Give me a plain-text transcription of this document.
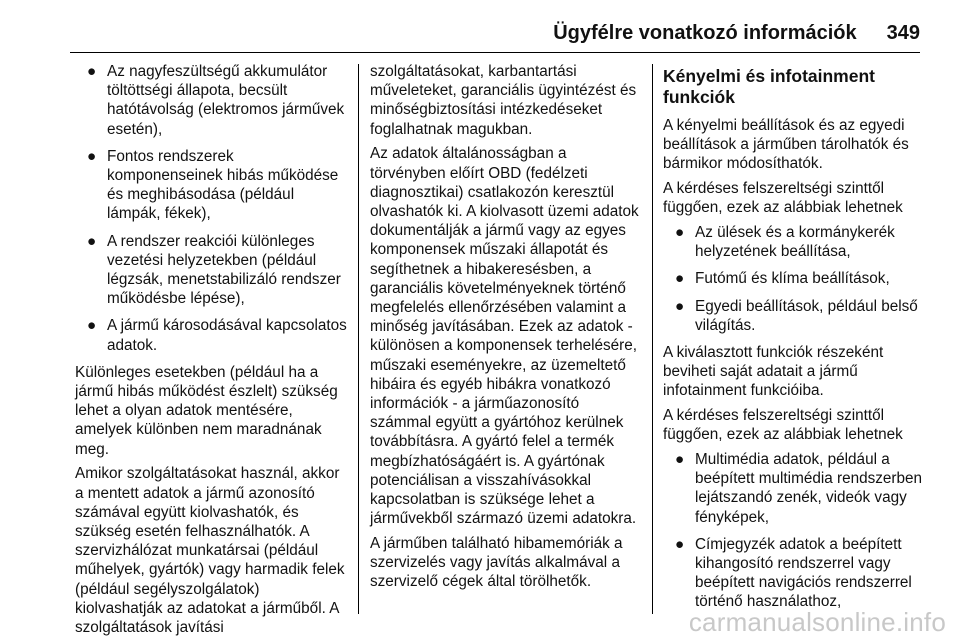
Ügyfélre vonatkozó információk 349
● Az nagyfeszültségű akkumulátor töltöttségi állapota, becsült hatótávolság (elektromos járművek esetén),
● Fontos rendszerek komponenseinek hibás működése és meghibásodása (például lámpák, fékek),
● A rendszer reakciói különleges vezetési helyzetekben (például légzsák, menetstabilizáló rendszer működésbe lépése),
● A jármű károsodásával kapcsolatos adatok.

Különleges esetekben (például ha a jármű hibás működést észlelt) szükség lehet a olyan adatok mentésére, amelyek különben nem maradnának meg.

Amikor szolgáltatásokat használ, akkor a mentett adatok a jármű azonosító számával együtt kiolvashatók, és szükség esetén felhasználhatók. A szervizhálózat munkatársai (például műhelyek, gyártók) vagy harmadik felek (például segélyszolgálatok) kiolvashatják az adatokat a járműből. A szolgáltatások javítási

szolgáltatásokat, karbantartási műveleteket, garanciális ügyintézést és minőségbiztosítási intézkedéseket foglalhatnak magukban.

Az adatok általánosságban a törvényben előírt OBD (fedélzeti diagnosztikai) csatlakozón keresztül olvashatók ki. A kiolvasott üzemi adatok dokumentálják a jármű vagy az egyes komponensek műszaki állapotát és segíthetnek a hibakeresésben, a garanciális követelményeknek történő megfelelés ellenőrzésében valamint a minőség javításában. Ezek az adatok - különösen a komponensek terhelésére, műszaki eseményekre, az üzemeltető hibáira és egyéb hibákra vonatkozó információk - a járműazonosító számmal együtt a gyártóhoz kerülnek továbbításra. A gyártó felel a termék megbízhatóságáért is. A gyártónak potenciálisan a visszahívásokkal kapcsolatban is szüksége lehet a járművekből származó üzemi adatokra.

A járműben található hibamemóriák a szervizelés vagy javítás alkalmával a szervizelő cégek által törölhetők.

Kényelmi és infotainment funkciók

A kényelmi beállítások és az egyedi beállítások a járműben tárolhatók és bármikor módosíthatók.

A kérdéses felszereltségi szinttől függően, ezek az alábbiak lehetnek

● Az ülések és a kormánykerék helyzetének beállítása,
● Futómű és klíma beállítások,
● Egyedi beállítások, például belső világítás.

A kiválasztott funkciók részeként beviheti saját adatait a jármű infotainment funkcióiba.

A kérdéses felszereltségi szinttől függően, ezek az alábbiak lehetnek

● Multimédia adatok, például a beépített multimédia rendszerben lejátszandó zenék, videók vagy fényképek,
● Címjegyzék adatok a beépített kihangosító rendszerrel vagy beépített navigációs rendszerrel történő használathoz,
carmanualsonline.info
